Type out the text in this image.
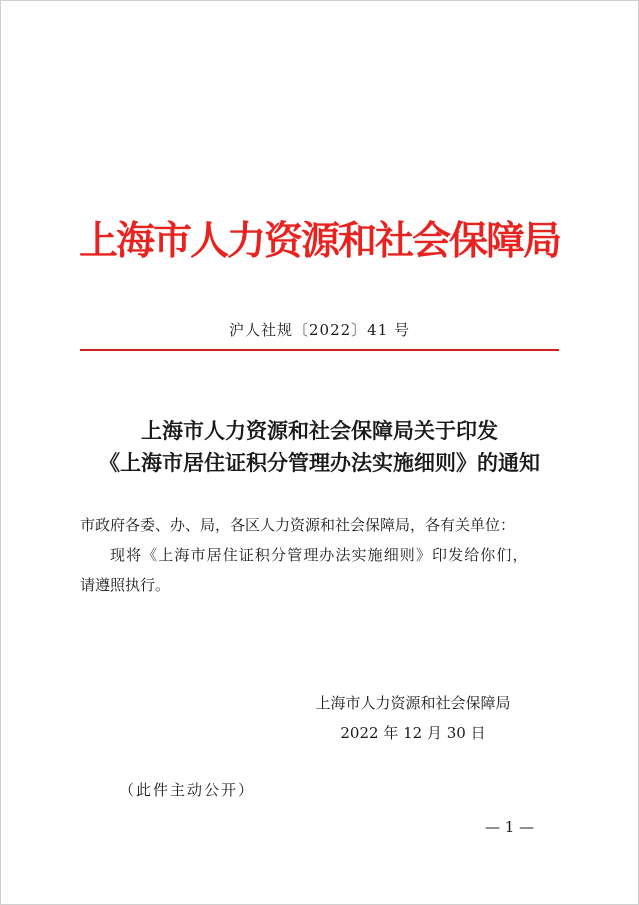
上海市人力资源和社会保障局
沪人社规〔2022〕41 号
上海市人力资源和社会保障局关于印发
《上海市居住证积分管理办法实施细则》的通知

市政府各委、办、局，各区人力资源和社会保障局，各有关单位：

现将《上海市居住证积分管理办法实施细则》印发给你们，

请遵照执行。

上海市人力资源和社会保障局
2022 年 12 月 30 日
（此件主动公开）
— 1 —
